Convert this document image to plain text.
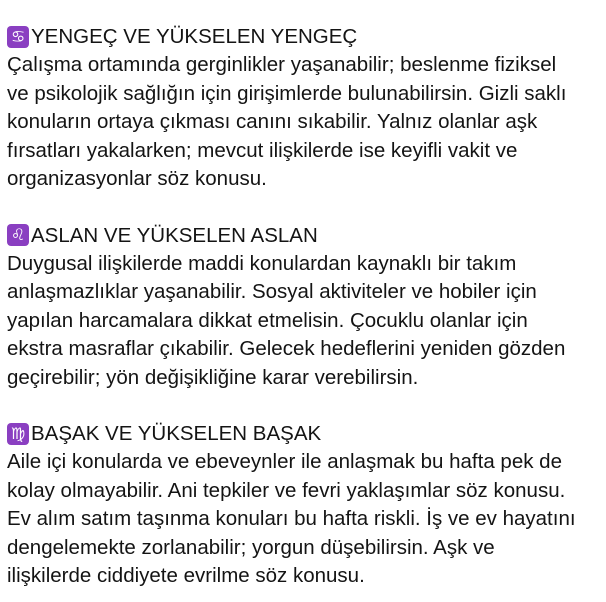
♋ YENGEÇ VE YÜKSELEN YENGEÇ
Çalışma ortamında gerginlikler yaşanabilir; beslenme fiziksel
ve psikolojik sağlığın için girişimlerde bulunabilirsin. Gizli saklı
konuların ortaya çıkması canını sıkabilir. Yalnız olanlar aşk
fırsatları yakalarken; mevcut ilişkilerde ise keyifli vakit ve
organizasyonlar söz konusu.
♌ ASLAN VE YÜKSELEN ASLAN
Duygusal ilişkilerde maddi konulardan kaynaklı bir takım
anlaşmazlıklar yaşanabilir. Sosyal aktiviteler ve hobiler için
yapılan harcamalara dikkat etmelisin. Çocuklu olanlar için
ekstra masraflar çıkabilir. Gelecek hedeflerini yeniden gözden
geçirebilir; yön değişikliğine karar verebilirsin.
♍ BAŞAK VE YÜKSELEN BAŞAK
Aile içi konularda ve ebeveynler ile anlaşmak bu hafta pek de
kolay olmayabilir. Ani tepkiler ve fevri yaklaşımlar söz konusu.
Ev alım satım taşınma konuları bu hafta riskli. İş ve ev hayatını
dengelemekte zorlanabilir; yorgun düşebilirsin. Aşk ve
ilişkilerde ciddiyete evrilme söz konusu.
